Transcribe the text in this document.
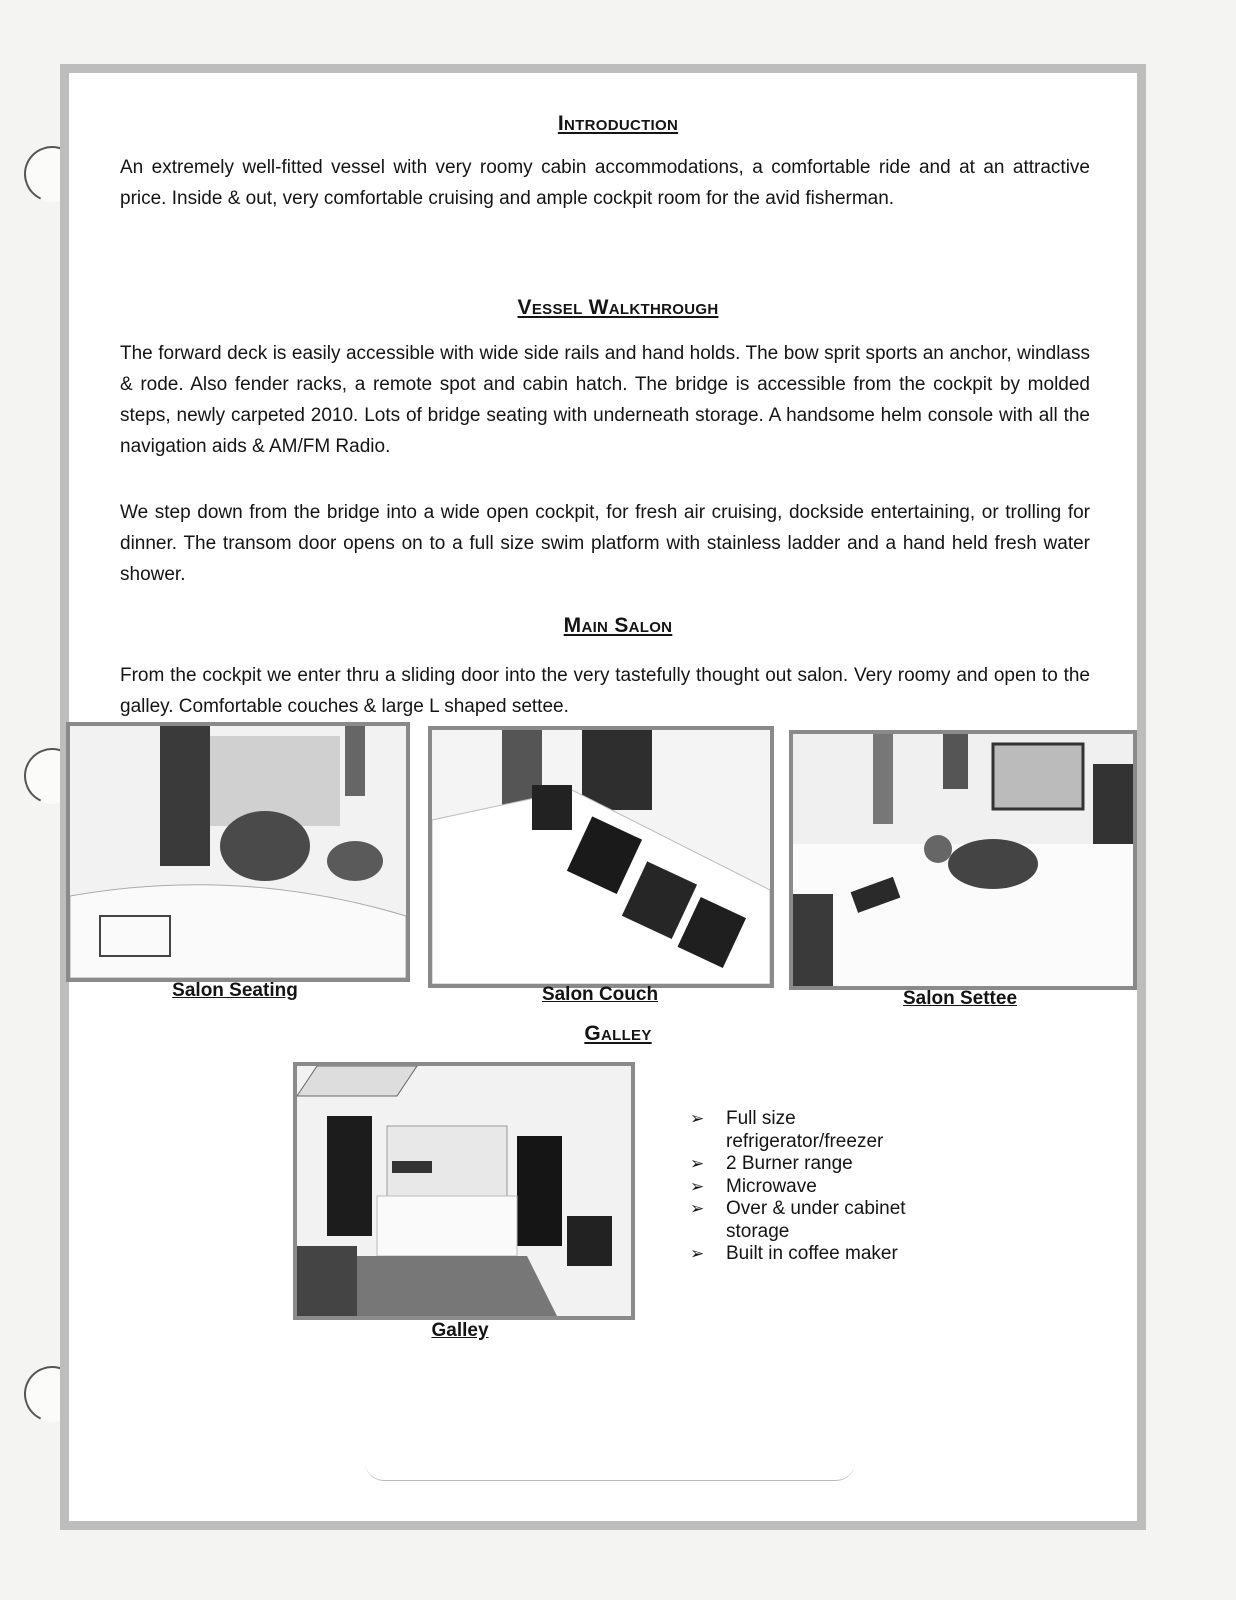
Introduction

An extremely well-fitted vessel with very roomy cabin accommodations, a comfortable ride and at an attractive price. Inside & out, very comfortable cruising and ample cockpit room for the avid fisherman.

Vessel Walkthrough

The forward deck is easily accessible with wide side rails and hand holds. The bow sprit sports an anchor, windlass & rode. Also fender racks, a remote spot and cabin hatch. The bridge is accessible from the cockpit by molded steps, newly carpeted 2010. Lots of bridge seating with underneath storage. A handsome helm console with all the navigation aids & AM/FM Radio.

We step down from the bridge into a wide open cockpit, for fresh air cruising, dockside entertaining, or trolling for dinner. The transom door opens on to a full size swim platform with stainless ladder and a hand held fresh water shower.

Main Salon

From the cockpit we enter thru a sliding door into the very tastefully thought out salon. Very roomy and open to the galley. Comfortable couches & large L shaped settee.

Salon Seating	Salon Couch	Salon Settee
Galley
Galley
➢ Full size refrigerator/freezer
➢ 2 Burner range
➢ Microwave
➢ Over & under cabinet storage
➢ Built in coffee maker
